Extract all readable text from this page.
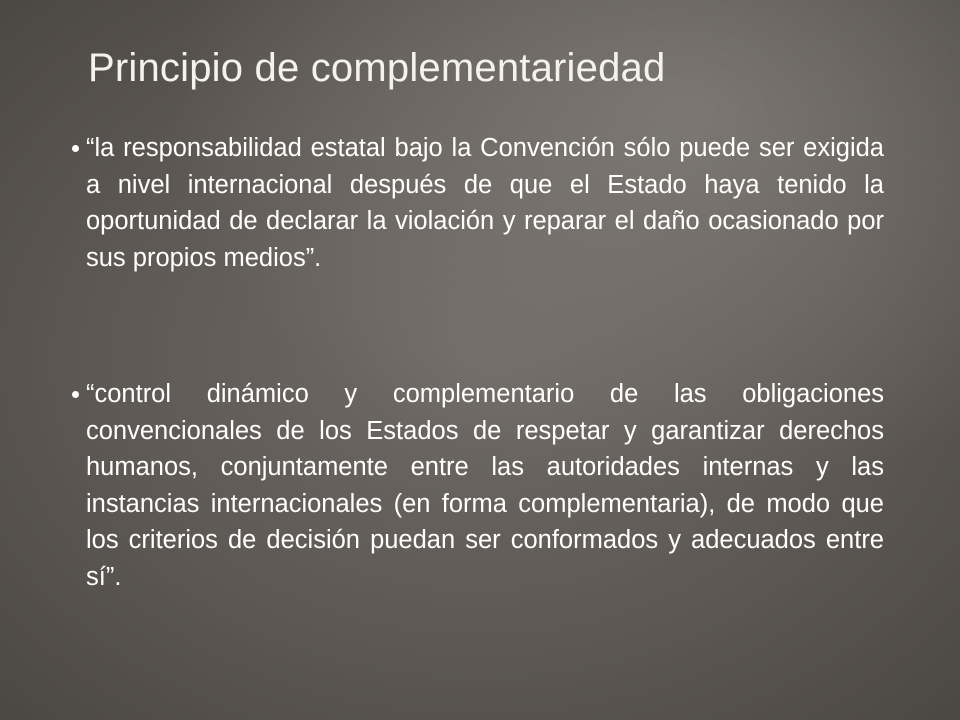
Principio de complementariedad
“la responsabilidad estatal bajo la Convención sólo puede ser exigida a nivel internacional después de que el Estado haya tenido la oportunidad de declarar la violación y reparar el daño ocasionado por sus propios medios”.
“control dinámico y complementario de las obligaciones convencionales de los Estados de respetar y garantizar derechos humanos, conjuntamente entre las autoridades internas y las instancias internacionales (en forma complementaria), de modo que los criterios de decisión puedan ser conformados y adecuados entre sí”.
